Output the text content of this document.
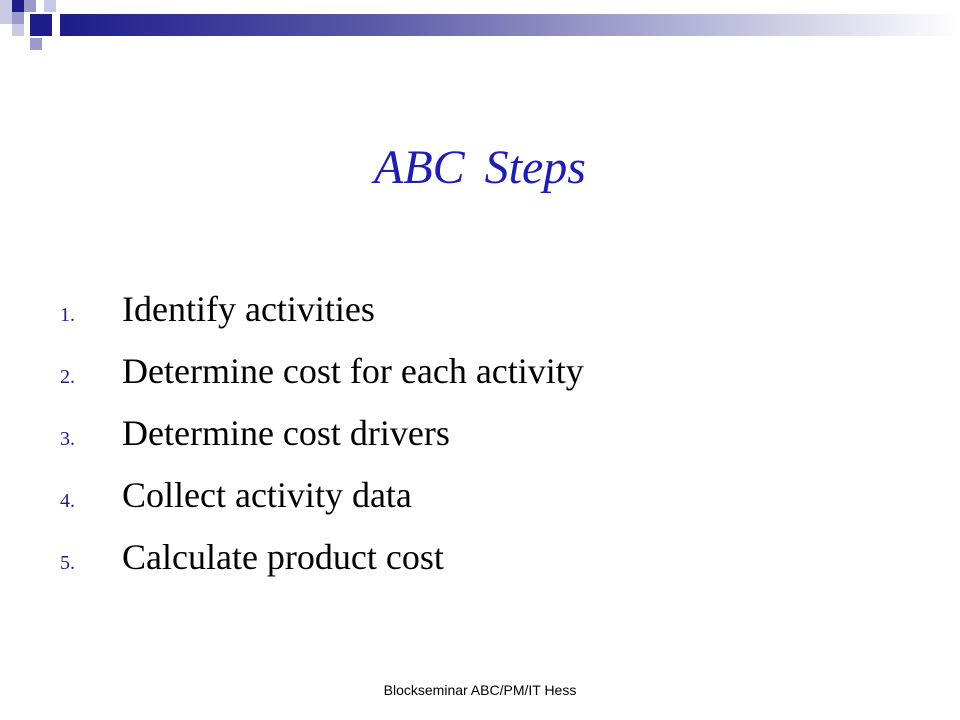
ABC Steps
1.	Identify activities
2.	Determine cost for each activity
3.	Determine cost drivers
4.	Collect activity data
5.	Calculate product cost
Blockseminar ABC/PM/IT Hess
